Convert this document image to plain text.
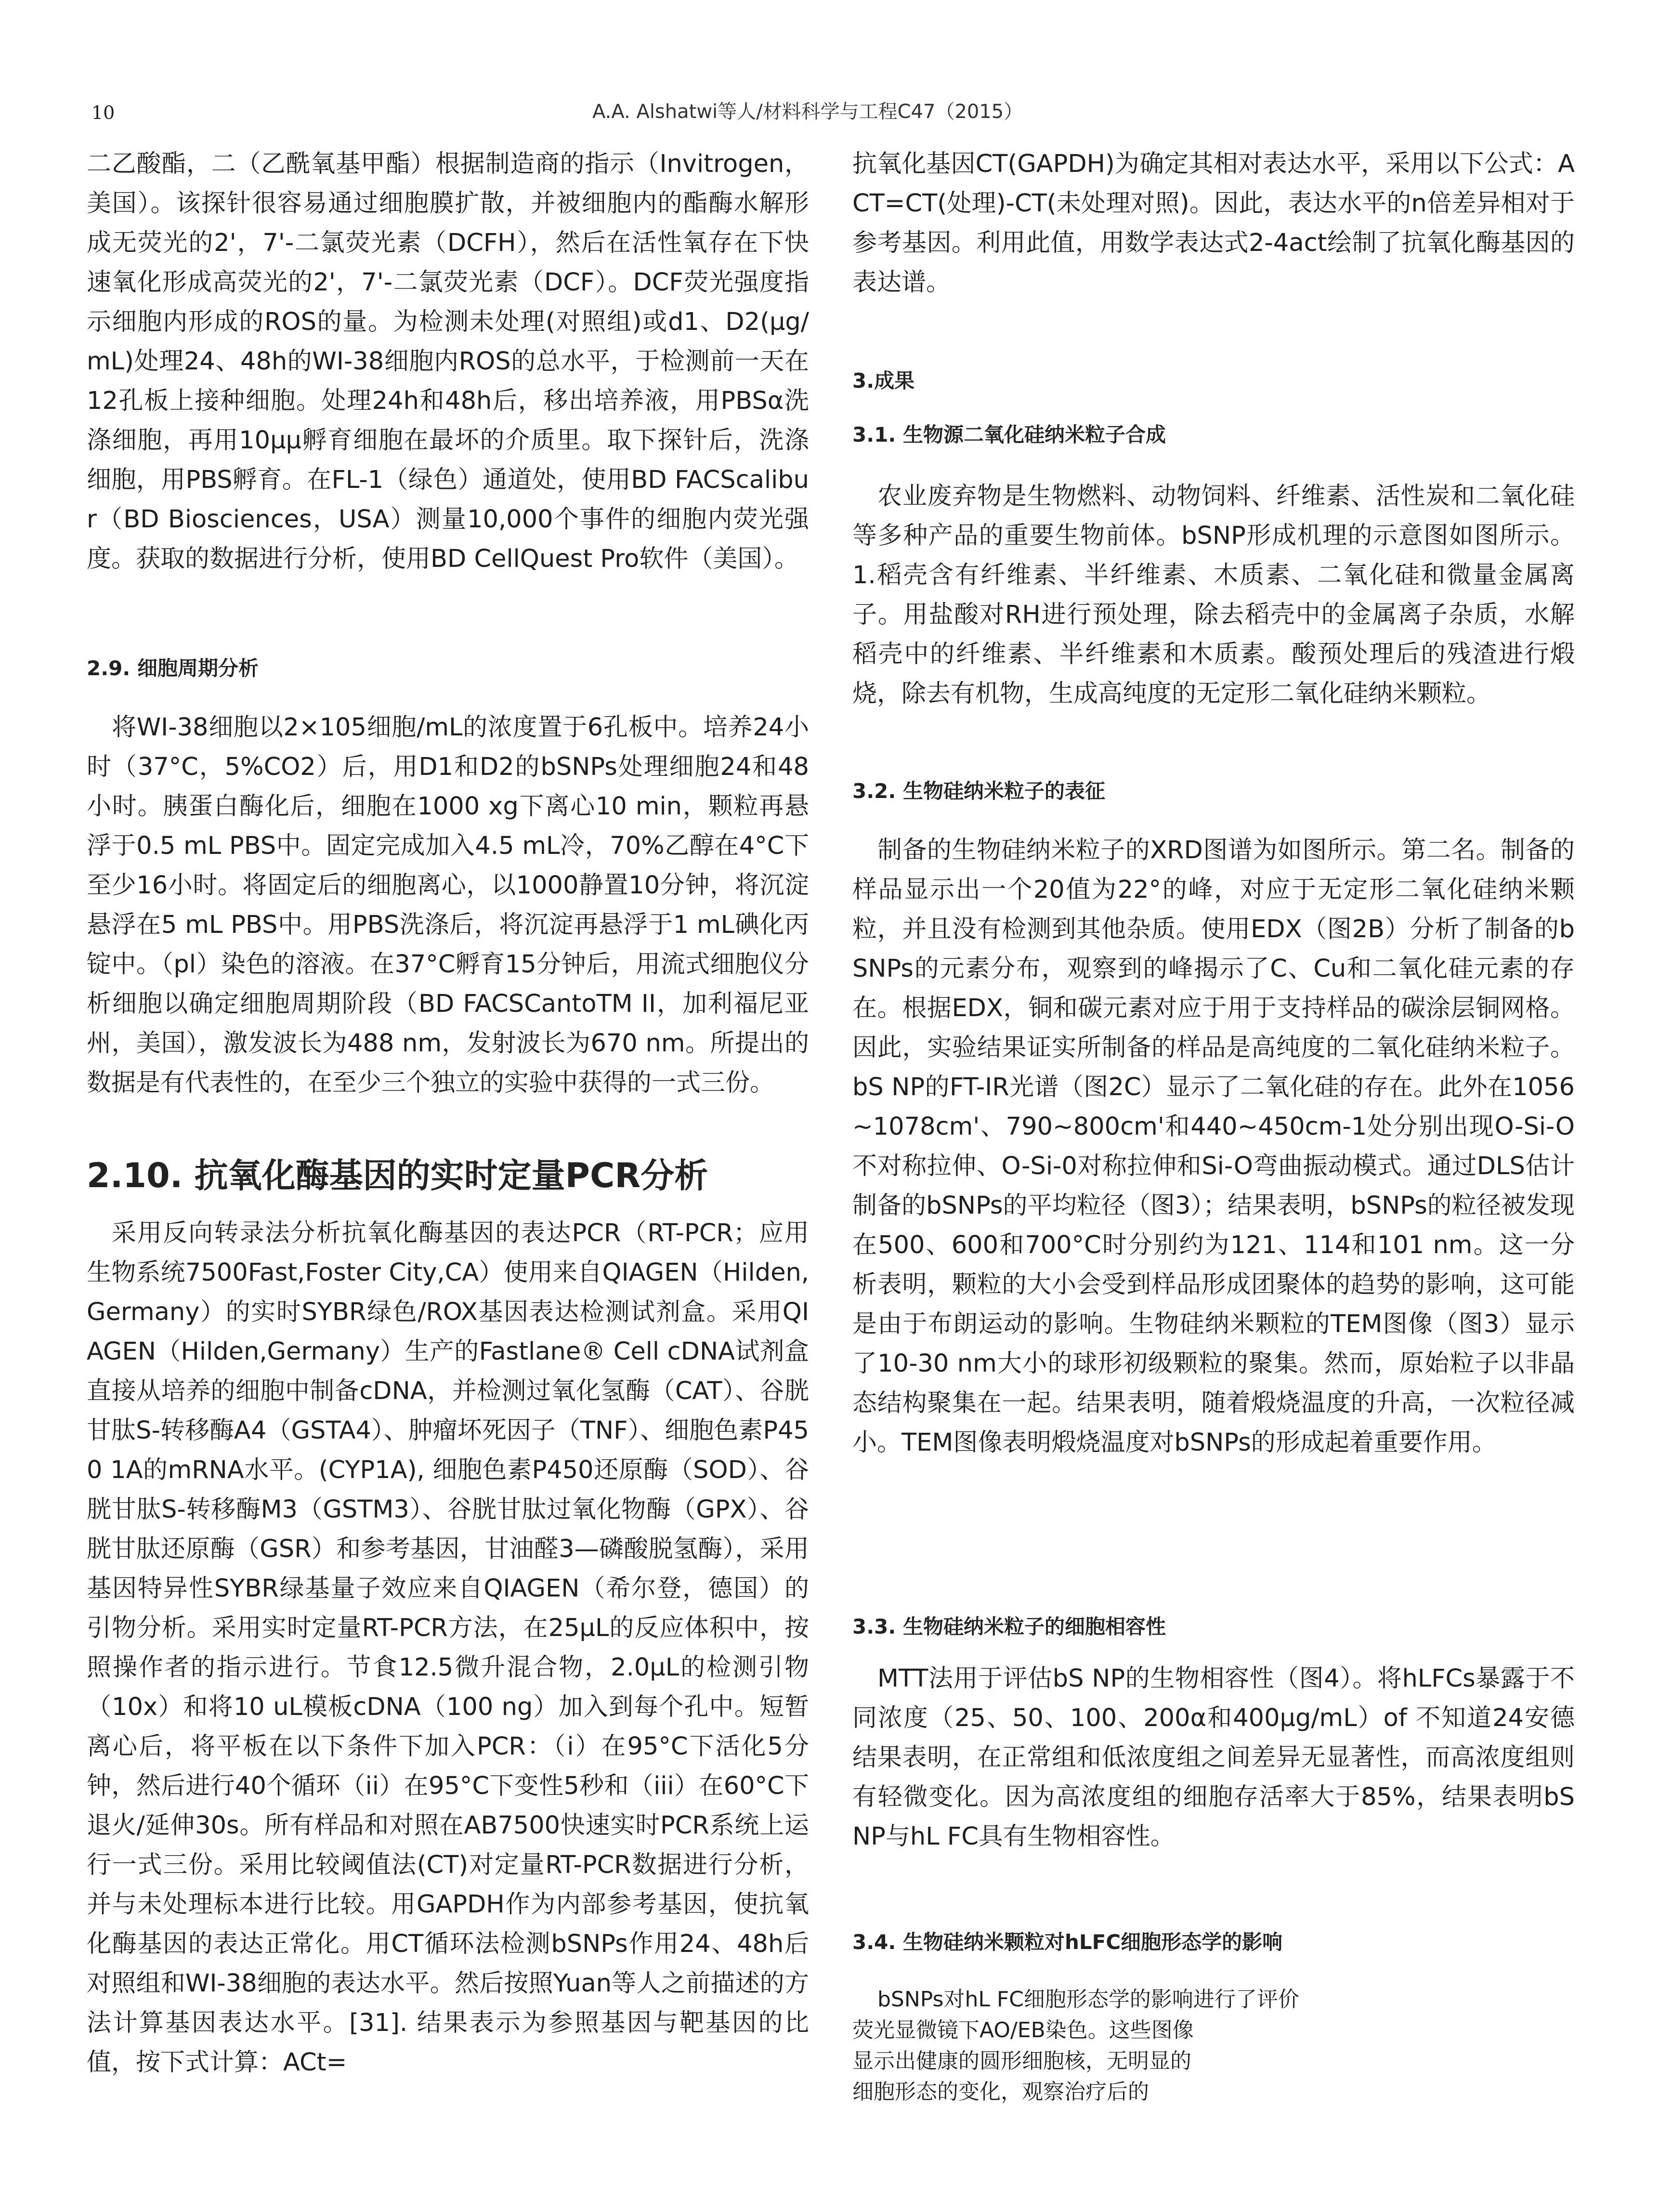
10	A.A. Alshatwi等人/材料科学与工程C47（2015）

二乙酸酯，二（乙酰氧基甲酯）根据制造商的指示（Invitrogen，美国）。该探针很容易通过细胞膜扩散，并被细胞内的酯酶水解形成无荧光的2'，7'-二氯荧光素（DCFH），然后在活性氧存在下快速氧化形成高荧光的2'，7'-二氯荧光素（DCF）。DCF荧光强度指示细胞内形成的ROS的量。为检测未处理(对照组)或d1、D2(μg/mL)处理24、48h的WI-38细胞内ROS的总水平，于检测前一天在12孔板上接种细胞。处理24h和48h后，移出培养液，用PBSα洗涤细胞，再用10μμ孵育细胞在最坏的介质里。取下探针后，洗涤细胞，用PBS孵育。在FL-1（绿色）通道处，使用BD FACScalibur（BD Biosciences，USA）测量10,000个事件的细胞内荧光强度。获取的数据进行分析，使用BD CellQuest Pro软件（美国）。

2.9. 细胞周期分析

将WI-38细胞以2×105细胞/mL的浓度置于6孔板中。培养24小时（37°C，5%CO2）后，用D1和D2的bSNPs处理细胞24和48小时。胰蛋白酶化后，细胞在1000 xg下离心10 min，颗粒再悬浮于0.5 mL PBS中。固定完成加入4.5 mL冷，70%乙醇在4°C下至少16小时。将固定后的细胞离心，以1000静置10分钟，将沉淀悬浮在5 mL PBS中。用PBS洗涤后，将沉淀再悬浮于1 mL碘化丙锭中。（pl）染色的溶液。在37°C孵育15分钟后，用流式细胞仪分析细胞以确定细胞周期阶段（BD FACSCantoTM II，加利福尼亚州，美国），激发波长为488 nm，发射波长为670 nm。所提出的数据是有代表性的，在至少三个独立的实验中获得的一式三份。

2.10. 抗氧化酶基因的实时定量PCR分析

采用反向转录法分析抗氧化酶基因的表达PCR（RT-PCR；应用生物系统7500Fast,Foster City,CA）使用来自QIAGEN（Hilden,Germany）的实时SYBR绿色/ROX基因表达检测试剂盒。采用QIAGEN（Hilden,Germany）生产的Fastlane® Cell cDNA试剂盒直接从培养的细胞中制备cDNA，并检测过氧化氢酶（CAT）、谷胱甘肽S-转移酶A4（GSTA4）、肿瘤坏死因子（TNF）、细胞色素P450 1A的mRNA水平。(CYP1A), 细胞色素P450还原酶（SOD）、谷胱甘肽S-转移酶M3（GSTM3）、谷胱甘肽过氧化物酶（GPX）、谷胱甘肽还原酶（GSR）和参考基因，甘油醛3—磷酸脱氢酶），采用基因特异性SYBR绿基量子效应来自QIAGEN（希尔登，德国）的引物分析。采用实时定量RT-PCR方法，在25μL的反应体积中，按照操作者的指示进行。节食12.5微升混合物，2.0μL的检测引物（10x）和将10 uL模板cDNA（100 ng）加入到每个孔中。短暂离心后，将平板在以下条件下加入PCR：（i）在95°C下活化5分钟，然后进行40个循环（ii）在95°C下变性5秒和（iii）在60°C下退火/延伸30s。所有样品和对照在AB7500快速实时PCR系统上运行一式三份。采用比较阈值法(CT)对定量RT-PCR数据进行分析，并与未处理标本进行比较。用GAPDH作为内部参考基因，使抗氧化酶基因的表达正常化。用CT循环法检测bSNPs作用24、48h后对照组和WI-38细胞的表达水平。然后按照Yuan等人之前描述的方法计算基因表达水平。[31]. 结果表示为参照基因与靶基因的比值，按下式计算：ACt=

抗氧化基因CT(GAPDH)为确定其相对表达水平，采用以下公式：ACT=CT(处理)-CT(未处理对照)。因此，表达水平的n倍差异相对于参考基因。利用此值，用数学表达式2-4act绘制了抗氧化酶基因的表达谱。

3.成果
3.1. 生物源二氧化硅纳米粒子合成

农业废弃物是生物燃料、动物饲料、纤维素、活性炭和二氧化硅等多种产品的重要生物前体。bSNP形成机理的示意图如图所示。1.稻壳含有纤维素、半纤维素、木质素、二氧化硅和微量金属离子。用盐酸对RH进行预处理，除去稻壳中的金属离子杂质，水解稻壳中的纤维素、半纤维素和木质素。酸预处理后的残渣进行煅烧，除去有机物，生成高纯度的无定形二氧化硅纳米颗粒。

3.2. 生物硅纳米粒子的表征

制备的生物硅纳米粒子的XRD图谱为如图所示。第二名。制备的样品显示出一个20值为22°的峰，对应于无定形二氧化硅纳米颗粒，并且没有检测到其他杂质。使用EDX（图2B）分析了制备的bSNPs的元素分布，观察到的峰揭示了C、Cu和二氧化硅元素的存在。根据EDX，铜和碳元素对应于用于支持样品的碳涂层铜网格。因此，实验结果证实所制备的样品是高纯度的二氧化硅纳米粒子。bS NP的FT-IR光谱（图2C）显示了二氧化硅的存在。此外在1056~1078cm'、790~800cm'和440~450cm-1处分别出现O-Si-O不对称拉伸、O-Si-0对称拉伸和Si-O弯曲振动模式。通过DLS估计制备的bSNPs的平均粒径（图3）；结果表明，bSNPs的粒径被发现在500、600和700°C时分别约为121、114和101 nm。这一分析表明，颗粒的大小会受到样品形成团聚体的趋势的影响，这可能是由于布朗运动的影响。生物硅纳米颗粒的TEM图像（图3）显示了10-30 nm大小的球形初级颗粒的聚集。然而，原始粒子以非晶态结构聚集在一起。结果表明，随着煅烧温度的升高，一次粒径减小。TEM图像表明煅烧温度对bSNPs的形成起着重要作用。

3.3. 生物硅纳米粒子的细胞相容性

MTT法用于评估bS NP的生物相容性（图4）。将hLFCs暴露于不同浓度（25、50、100、200α和400μg/mL）of 不知道24安德结果表明，在正常组和低浓度组之间差异无显著性，而高浓度组则有轻微变化。因为高浓度组的细胞存活率大于85%，结果表明bS NP与hL FC具有生物相容性。

3.4. 生物硅纳米颗粒对hLFC细胞形态学的影响
bSNPs对hL FC细胞形态学的影响进行了评价
荧光显微镜下AO/EB染色。这些图像
显示出健康的圆形细胞核，无明显的
细胞形态的变化，观察治疗后的
